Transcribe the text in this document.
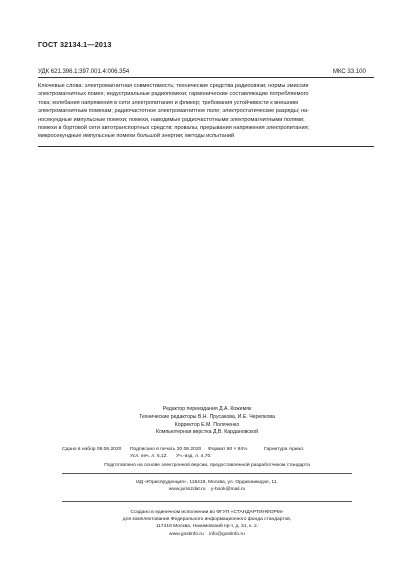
ГОСТ 32134.1—2013
УДК 621.396.1:397.001.4:006.354	МКС 33.100

Ключевые слова: электромагнитная совместимость; технические средства радиосвязи; нормы эмиссии

электромагнитных помех; индустриальные радиопомехи; гармонические составляющие потребляемого

тока; колебания напряжения в сети электропитания и фликер; требования устойчивости к внешним

электромагнитным помехам; радиочастотное электромагнитное поле; электростатические разряды; на-

носекундные импульсные помехи; помехи, наводимые радиочастотными электромагнитными полями;

помехи в бортовой сети автотранспортных средств; провалы, прерывания напряжения электропитания;

микросекундные импульсные помехи большой энергии; методы испытаний

Редактор переиздания Д.А. Кожемяк
Технические редакторы В.Н. Прусакова, И.Е. Черепкова
Корректор Е.М. Поляченко
Компьютерная верстка Д.В. Кардановской
Сдано в набор 08.06.2020 Подписано в печать 30.06.2020 Формат 60 × 84⅛	Гарнитура Ариал.
Усл. печ. л. 5,12. Уч.-изд. л. 4,70.
Подготовлено на основе электронной версии, предоставленной разработчиком стандарта
ИД «Юриспруденция», 115419, Москва, ул. Орджоникидзе, 11.
www.jurisizdat.ru    y-book@mail.ru
Создано в единичном исполнении во ФГУП «СТАНДАРТИНФОРМ»
для комплектования Федерального информационного фонда стандартов,
117418 Москва, Нахимовский пр-т, д. 31, к. 2.
www.gostinfo.ru    info@gostinfo.ru
